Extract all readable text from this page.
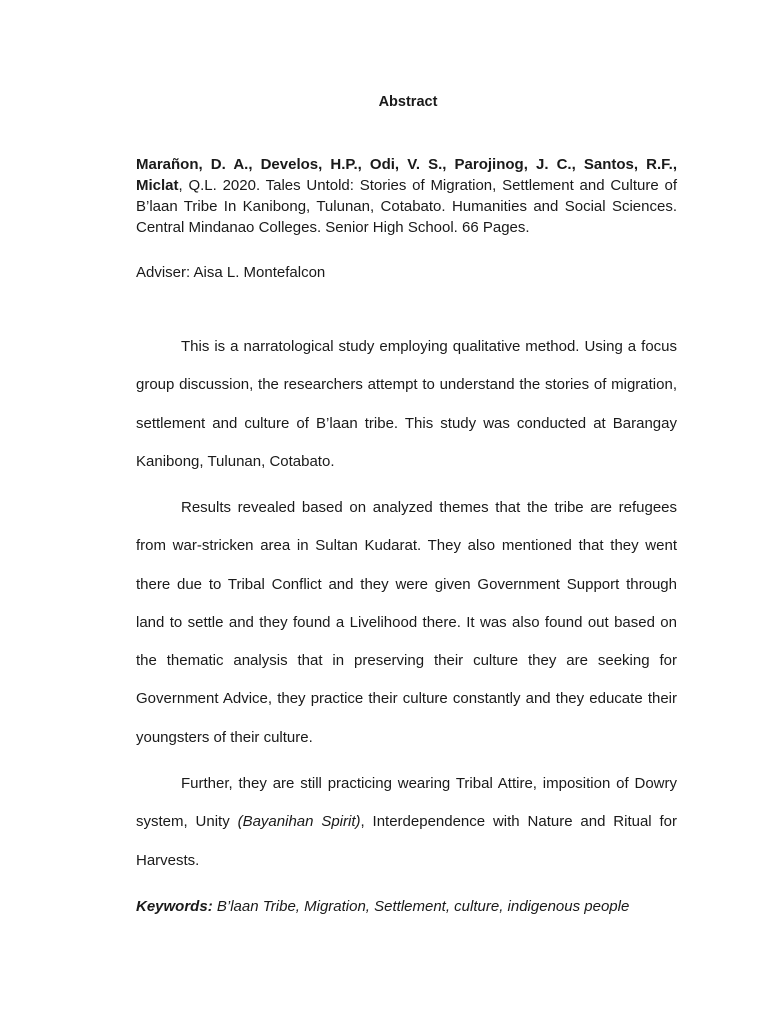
Abstract
Marañon, D. A., Develos, H.P., Odi, V. S., Parojinog, J. C., Santos, R.F., Miclat, Q.L. 2020. Tales Untold: Stories of Migration, Settlement and Culture of B’laan Tribe In Kanibong, Tulunan, Cotabato. Humanities and Social Sciences. Central Mindanao Colleges. Senior High School. 66 Pages.
Adviser: Aisa L. Montefalcon

This is a narratological study employing qualitative method. Using a focus group discussion, the researchers attempt to understand the stories of migration, settlement and culture of B’laan tribe. This study was conducted at Barangay Kanibong, Tulunan, Cotabato.

Results revealed based on analyzed themes that the tribe are refugees from war-stricken area in Sultan Kudarat. They also mentioned that they went there due to Tribal Conflict and they were given Government Support through land to settle and they found a Livelihood there. It was also found out based on the thematic analysis that in preserving their culture they are seeking for Government Advice, they practice their culture constantly and they educate their youngsters of their culture.

Further, they are still practicing wearing Tribal Attire, imposition of Dowry system, Unity (Bayanihan Spirit), Interdependence with Nature and Ritual for Harvests.

Keywords: B’laan Tribe, Migration, Settlement, culture, indigenous people
